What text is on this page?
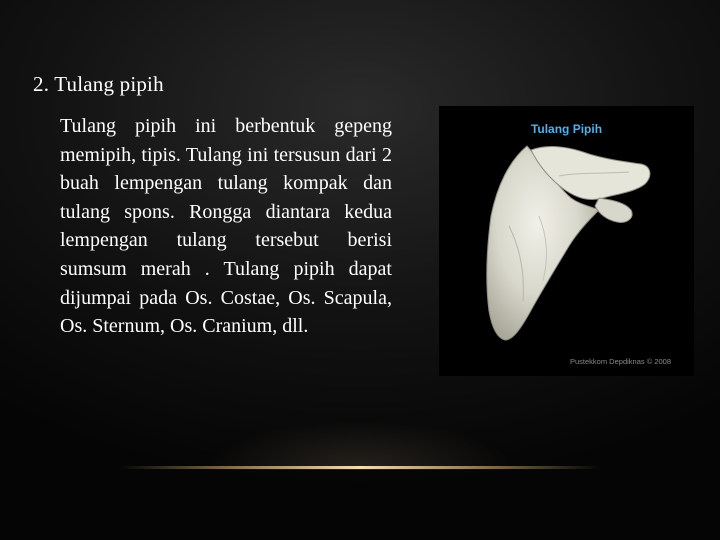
2. Tulang pipih
Tulang pipih ini berbentuk gepeng memipih, tipis. Tulang ini tersusun dari 2 buah lempengan tulang kompak dan tulang spons. Rongga diantara kedua lempengan tulang tersebut berisi sumsum merah . Tulang pipih dapat dijumpai pada Os. Costae, Os. Scapula, Os. Sternum, Os. Cranium, dll.
Tulang Pipih
Pustekkom Depdiknas © 2008
